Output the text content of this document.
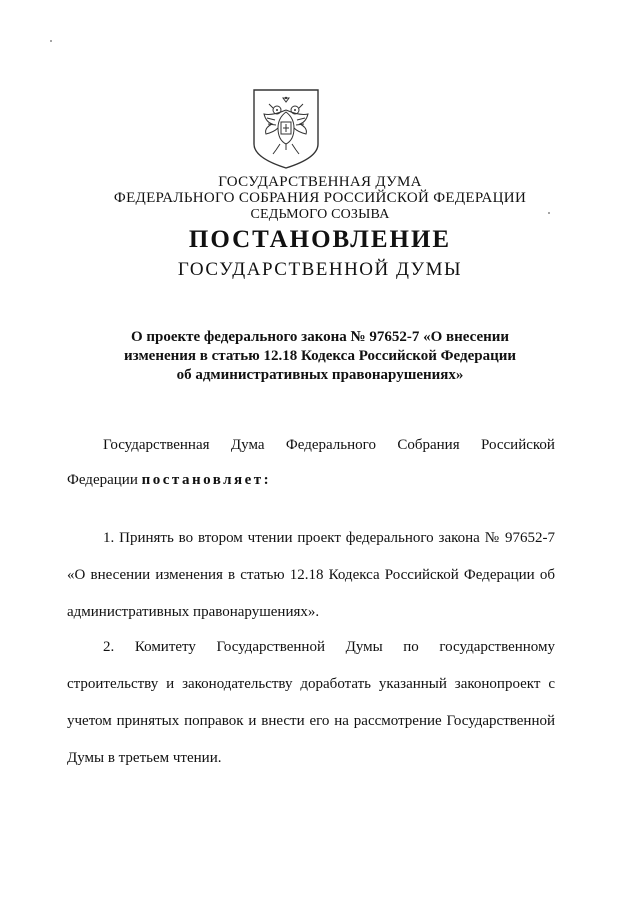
ГОСУДАРСТВЕННАЯ ДУМА
ФЕДЕРАЛЬНОГО СОБРАНИЯ РОССИЙСКОЙ ФЕДЕРАЦИИ
СЕДЬМОГО СОЗЫВА
ПОСТАНОВЛЕНИЕ
ГОСУДАРСТВЕННОЙ ДУМЫ
О проекте федерального закона № 97652-7 «О внесении
изменения в статью 12.18 Кодекса Российской Федерации
об административных правонарушениях»
Государственная Дума Федерального Собрания Российской
Федерации постановляет:
1. Принять во втором чтении проект федерального закона № 97652-7
«О внесении изменения в статью 12.18 Кодекса Российской Федерации об
административных правонарушениях».
2. Комитету Государственной Думы по государственному
строительству и законодательству доработать указанный законопроект с
учетом принятых поправок и внести его на рассмотрение Государственной
Думы в третьем чтении.
